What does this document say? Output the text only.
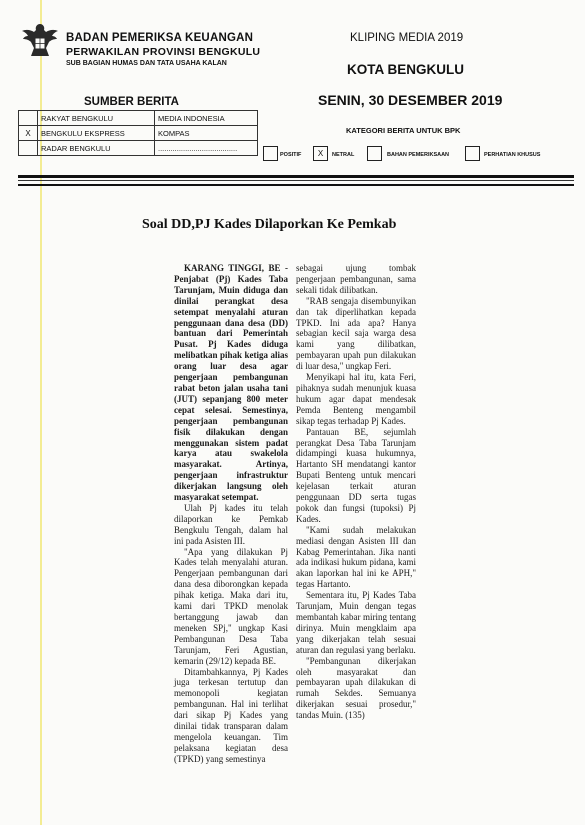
BADAN PEMERIKSA KEUANGAN
PERWAKILAN PROVINSI BENGKULU
SUB BAGIAN HUMAS DAN TATA USAHA KALAN
KLIPING MEDIA 2019
KOTA BENGKULU
SENIN, 30 DESEMBER 2019
SUMBER BERITA
	RAKYAT BENGKULU	MEDIA INDONESIA
X	BENGKULU EKSPRESS	KOMPAS
	RADAR BENGKULU	......................................
KATEGORI BERITA UNTUK BPK
POSITIF	X	NETRAL	BAHAN PEMERIKSAAN	PERHATIAN KHUSUS
Soal DD,PJ Kades Dilaporkan Ke Pemkab

KARANG TINGGI, BE - Penjabat (Pj) Kades Taba Tarunjam, Muin diduga dan dinilai perangkat desa setempat menyalahi aturan penggunaan dana desa (DD) bantuan dari Pemerintah Pusat. Pj Kades diduga melibatkan pihak ketiga alias orang luar desa agar pengerjaan pembangunan rabat beton jalan usaha tani (JUT) sepanjang 800 meter cepat selesai. Semestinya, pengerjaan pembangunan fisik dilakukan dengan menggunakan sistem padat karya atau swakelola masyarakat. Artinya, pengerjaan infrastruktur dikerjakan langsung oleh masyarakat setempat.

Ulah Pj kades itu telah dilaporkan ke Pemkab Bengkulu Tengah, dalam hal ini pada Asisten III.

"Apa yang dilakukan Pj Kades telah menyalahi aturan. Pengerjaan pembangunan dari dana desa diborongkan kepada pihak ketiga. Maka dari itu, kami dari TPKD menolak bertanggung jawab dan meneken SPj," ungkap Kasi Pembangunan Desa Taba Tarunjam, Feri Agustian, kemarin (29/12) kepada BE.

Ditambahkannya, Pj Kades juga terkesan tertutup dan memonopoli kegiatan pembangunan. Hal ini terlihat dari sikap Pj Kades yang dinilai tidak transparan dalam mengelola keuangan. Tim pelaksana kegiatan desa (TPKD) yang semestinya

sebagai ujung tombak pengerjaan pembangunan, sama sekali tidak dilibatkan.

"RAB sengaja disembunyikan dan tak diperlihatkan kepada TPKD. Ini ada apa? Hanya sebagian kecil saja warga desa kami yang dilibatkan, pembayaran upah pun dilakukan di luar desa," ungkap Feri.

Menyikapi hal itu, kata Feri, pihaknya sudah menunjuk kuasa hukum agar dapat mendesak Pemda Benteng mengambil sikap tegas terhadap Pj Kades.

Pantauan BE, sejumlah perangkat Desa Taba Tarunjam didampingi kuasa hukumnya, Hartanto SH mendatangi kantor Bupati Benteng untuk mencari kejelasan terkait aturan penggunaan DD serta tugas pokok dan fungsi (tupoksi) Pj Kades.

"Kami sudah melakukan mediasi dengan Asisten III dan Kabag Pemerintahan. Jika nanti ada indikasi hukum pidana, kami akan laporkan hal ini ke APH," tegas Hartanto.

Sementara itu, Pj Kades Taba Tarunjam, Muin dengan tegas membantah kabar miring tentang dirinya. Muin mengklaim apa yang dikerjakan telah sesuai aturan dan regulasi yang berlaku.

"Pembangunan dikerjakan oleh masyarakat dan pembayaran upah dilakukan di rumah Sekdes. Semuanya dikerjakan sesuai prosedur," tandas Muin. (135)
